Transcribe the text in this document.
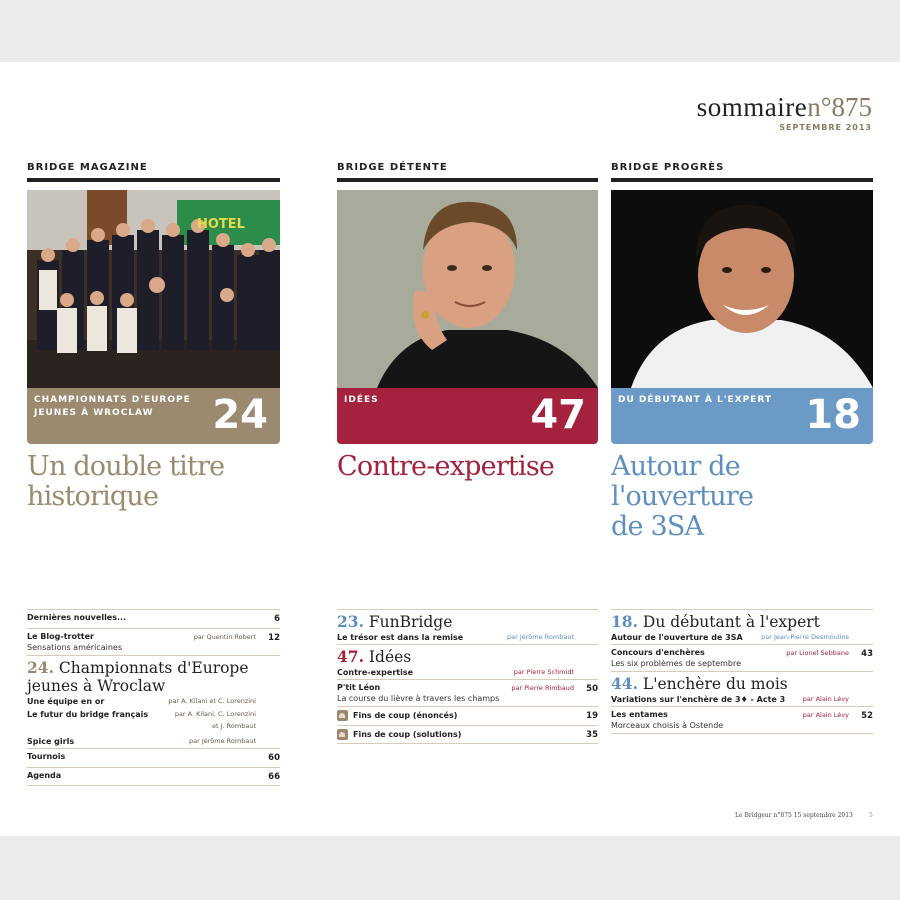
sommairen°875
SEPTEMBRE 2013
BRIDGE MAGAZINE
HOTEL
CHAMPIONNATS D'EUROPE
JEUNES À WROCLAW	24
Un double titre
historique
BRIDGE DÉTENTE
IDÉES	47
Contre-expertise
BRIDGE PROGRÈS
DU DÉBUTANT À L'EXPERT 18
Autour de l'ouverture
de 3SA
Dernières nouvelles...	6
Le Blog-trotter	par Quentin Robert 12
Sensations américaines
24. Championnats d'Europe jeunes à Wroclaw
Une équipe en or	par A. Kilani et C. Lorenzini
Le futur du bridge français	par A. Kilani, C. Lorenzini
et J. Rombaut
Spice girls	par Jérôme Rombaut
Tournois	60
Agenda	66
23. FunBridge
Le trésor est dans la remise	par Jérôme Rombaut
47. Idées
Contre-expertise	par Pierre Schmidt
P'tit Léon	par Pierre Rimbaud 50
La course du lièvre à travers les champs
Fins de coup (énoncés)	19
Fins de coup (solutions)	35
18. Du débutant à l'expert
Autour de l'ouverture de 3SA	par Jean-Pierre Desmoulins
Concours d'enchères	par Lionel Sebbane 43
Les six problèmes de septembre
44. L'enchère du mois
Variations sur l'enchère de 3♦ - Acte 3	par Alain Lévy
Les entames	par Alain Lévy 52
Morceaux choisis à Ostende
Le Bridgeur n°875 15 septembre 2013	5
